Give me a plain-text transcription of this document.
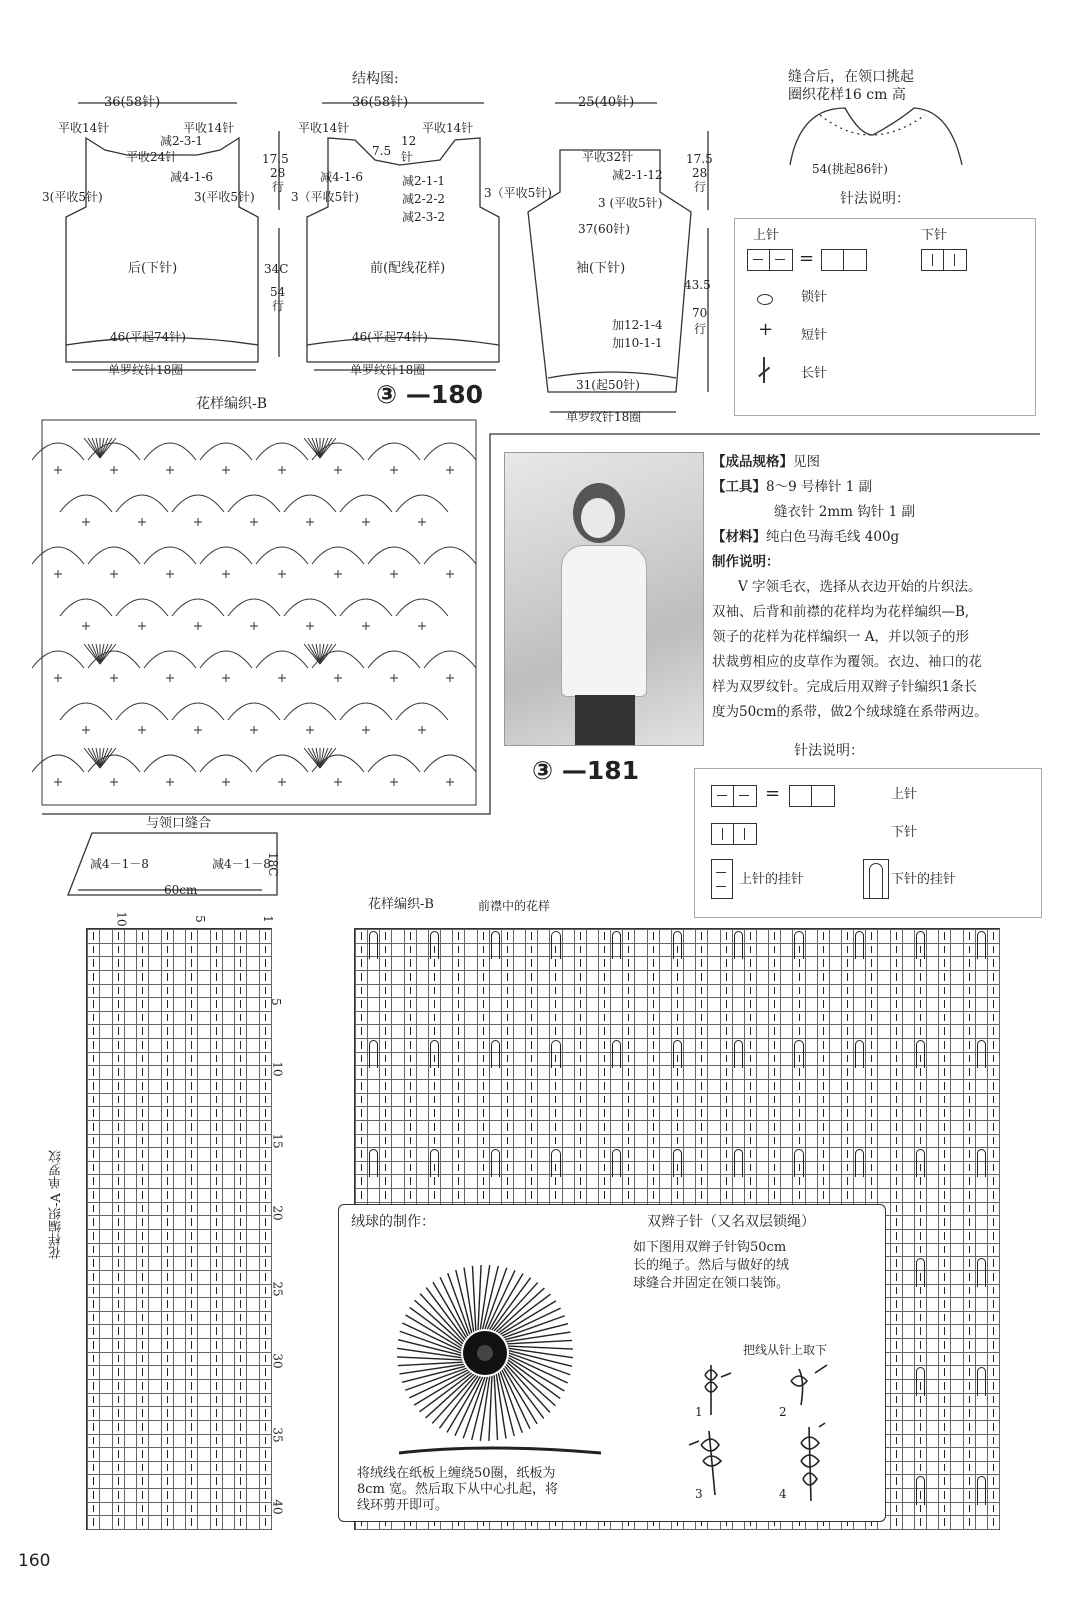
结构图:
36(58针)
平收14针	平收14针
减2-3-1
平收24针
减4-1-6
3(平收5针)	3(平收5针)
后(下针)
46(平起74针)
单罗纹针18圈
17.5
28
行
34C
54
行
36(58针)
平收14针	平收14针
12
7.5 针
减4-1-6
3（平收5针)
减2-1-1
减2-2-2
减2-3-2
3（平收5针)
前(配线花样)
46(平起74针)
单罗纹针18圈
25(40针)
平收32针
减2-1-12
3 (平收5针)
37(60针)
袖(下针)
加12-1-4
加10-1-1
31(起50针)
单罗纹针18圈
17.5
28
行
43.5
70
行
缝合后，在领口挑起
圈织花样16 cm 高
54(挑起86针)
针法说明：
上针
=
下针
锁针
+ 短针
长针
花样编织-B	③ —180

【成品规格】见图

【工具】8～9 号棒针 1 副

缝衣针 2mm 钩针 1 副

【材料】纯白色马海毛线 400g

制作说明：

V 字领毛衣，选择从衣边开始的片织法。

双袖、后背和前襟的花样均为花样编织—B,

领子的花样为花样编织一 A，并以领子的形

状裁剪相应的皮草作为覆领。衣边、袖口的花

样为双罗纹针。完成后用双辫子针编织1条长

度为50cm的系带，做2个绒球缝在系带两边。

③ —181
针法说明：
=	上针
下针
上针的挂针	下针的挂针
与领口缝合
减4－1－8	减4－1－8
60cm
18C
10	5	1
5
10
15
20
25
30
35
40
花样编织-A 单罗纹
花样编织-B	前襟中的花样
绒球的制作：	双辫子针（又名双层锁绳）
如下图用双辫子针钩50cm
长的绳子。然后与做好的绒
球缝合并固定在领口装饰。
把线从针上取下
1	2
3	4
将绒线在纸板上缠绕50圈，纸板为
8cm 宽。然后取下从中心扎起，将
线环剪开即可。
160
